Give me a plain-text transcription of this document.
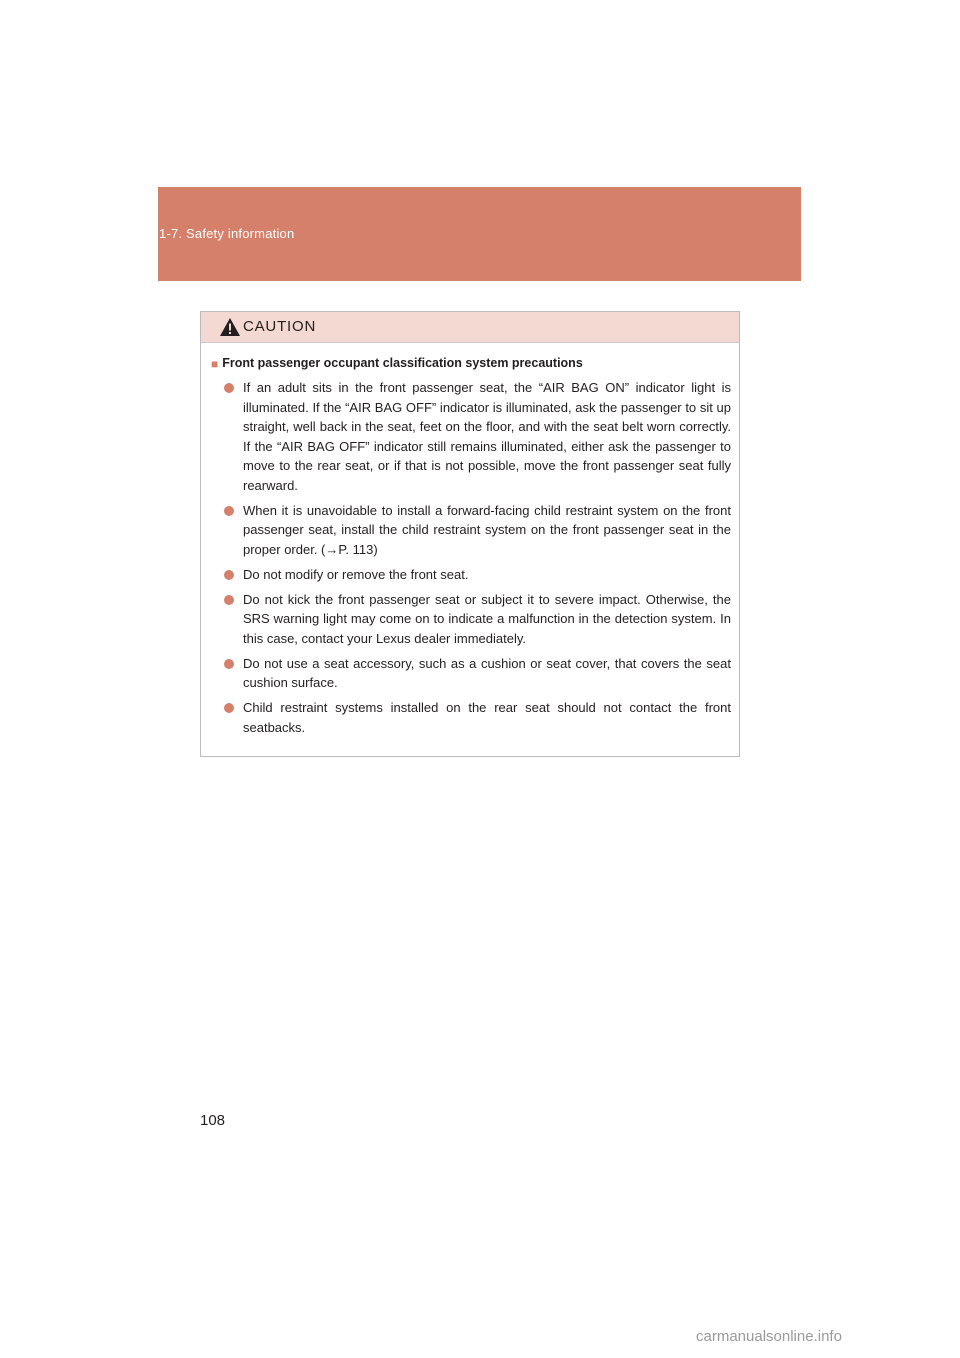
1-7. Safety information
CAUTION
■ Front passenger occupant classification system precautions
If an adult sits in the front passenger seat, the “AIR BAG ON” indicator light is illuminated. If the “AIR BAG OFF” indicator is illuminated, ask the passenger to sit up straight, well back in the seat, feet on the floor, and with the seat belt worn correctly. If the “AIR BAG OFF” indicator still remains illuminated, either ask the passenger to move to the rear seat, or if that is not possible, move the front passenger seat fully rearward.
When it is unavoidable to install a forward-facing child restraint system on the front passenger seat, install the child restraint system on the front passenger seat in the proper order. (→P. 113)
Do not modify or remove the front seat.
Do not kick the front passenger seat or subject it to severe impact. Otherwise, the SRS warning light may come on to indicate a malfunction in the detection system. In this case, contact your Lexus dealer immediately.
Do not use a seat accessory, such as a cushion or seat cover, that covers the seat cushion surface.
Child restraint systems installed on the rear seat should not contact the front seatbacks.
108
carmanualsonline.info
